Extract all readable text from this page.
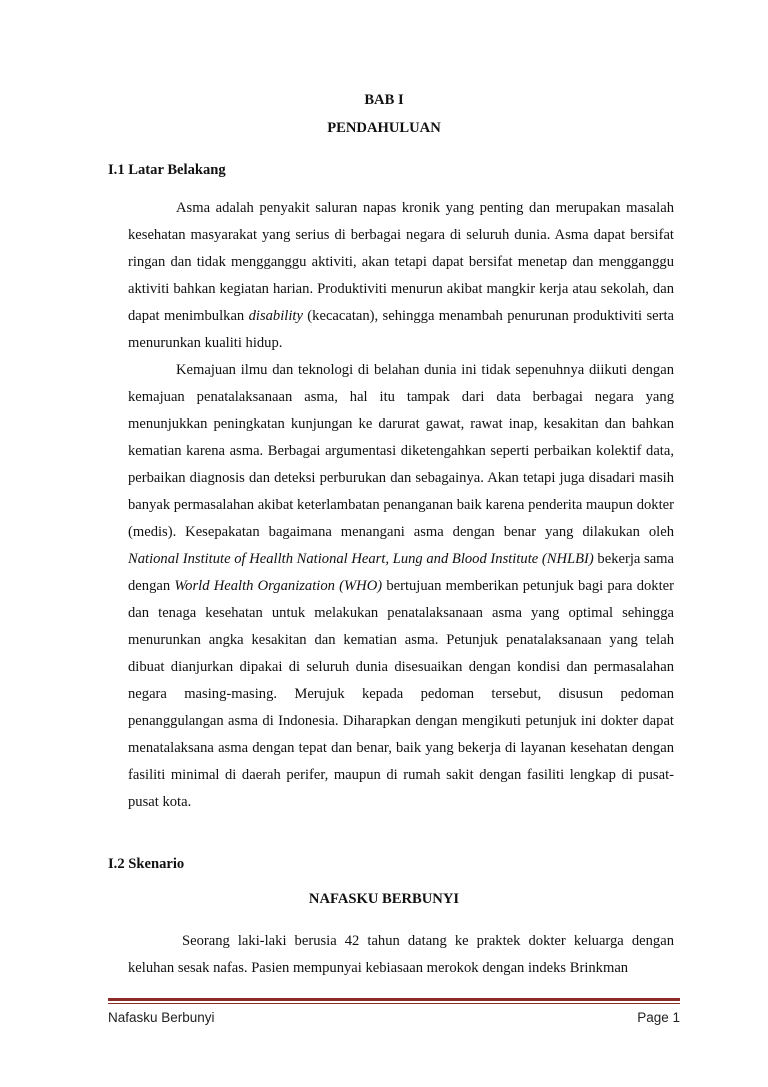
BAB I
PENDAHULUAN
I.1 Latar Belakang

Asma adalah penyakit saluran napas kronik yang penting dan merupakan masalah kesehatan masyarakat yang serius di berbagai negara di seluruh dunia. Asma dapat bersifat ringan dan tidak mengganggu aktiviti, akan tetapi dapat bersifat menetap dan mengganggu aktiviti bahkan kegiatan harian. Produktiviti menurun akibat mangkir kerja atau sekolah, dan dapat menimbulkan disability (kecacatan), sehingga menambah penurunan produktiviti serta menurunkan kualiti hidup.

Kemajuan ilmu dan teknologi di belahan dunia ini tidak sepenuhnya diikuti dengan kemajuan penatalaksanaan asma, hal itu tampak dari data berbagai negara yang menunjukkan peningkatan kunjungan ke darurat gawat, rawat inap, kesakitan dan bahkan kematian karena asma. Berbagai argumentasi diketengahkan seperti perbaikan kolektif data, perbaikan diagnosis dan deteksi perburukan dan sebagainya. Akan tetapi juga disadari masih banyak permasalahan akibat keterlambatan penanganan baik karena penderita maupun dokter (medis). Kesepakatan bagaimana menangani asma dengan benar yang dilakukan oleh National Institute of Heallth National Heart, Lung and Blood Institute (NHLBI) bekerja sama dengan World Health Organization (WHO) bertujuan memberikan petunjuk bagi para dokter dan tenaga kesehatan untuk melakukan penatalaksanaan asma yang optimal sehingga menurunkan angka kesakitan dan kematian asma. Petunjuk penatalaksanaan yang telah dibuat dianjurkan dipakai di seluruh dunia disesuaikan dengan kondisi dan permasalahan negara masing-masing. Merujuk kepada pedoman tersebut, disusun pedoman penanggulangan asma di Indonesia. Diharapkan dengan mengikuti petunjuk ini dokter dapat menatalaksana asma dengan tepat dan benar, baik yang bekerja di layanan kesehatan dengan fasiliti minimal di daerah perifer, maupun di rumah sakit dengan fasiliti lengkap di pusat-pusat kota.

I.2 Skenario
NAFASKU BERBUNYI

Seorang laki-laki berusia 42 tahun datang ke praktek dokter keluarga dengan keluhan sesak nafas. Pasien mempunyai kebiasaan merokok dengan indeks Brinkman

Nafasku Berbunyi	Page 1
